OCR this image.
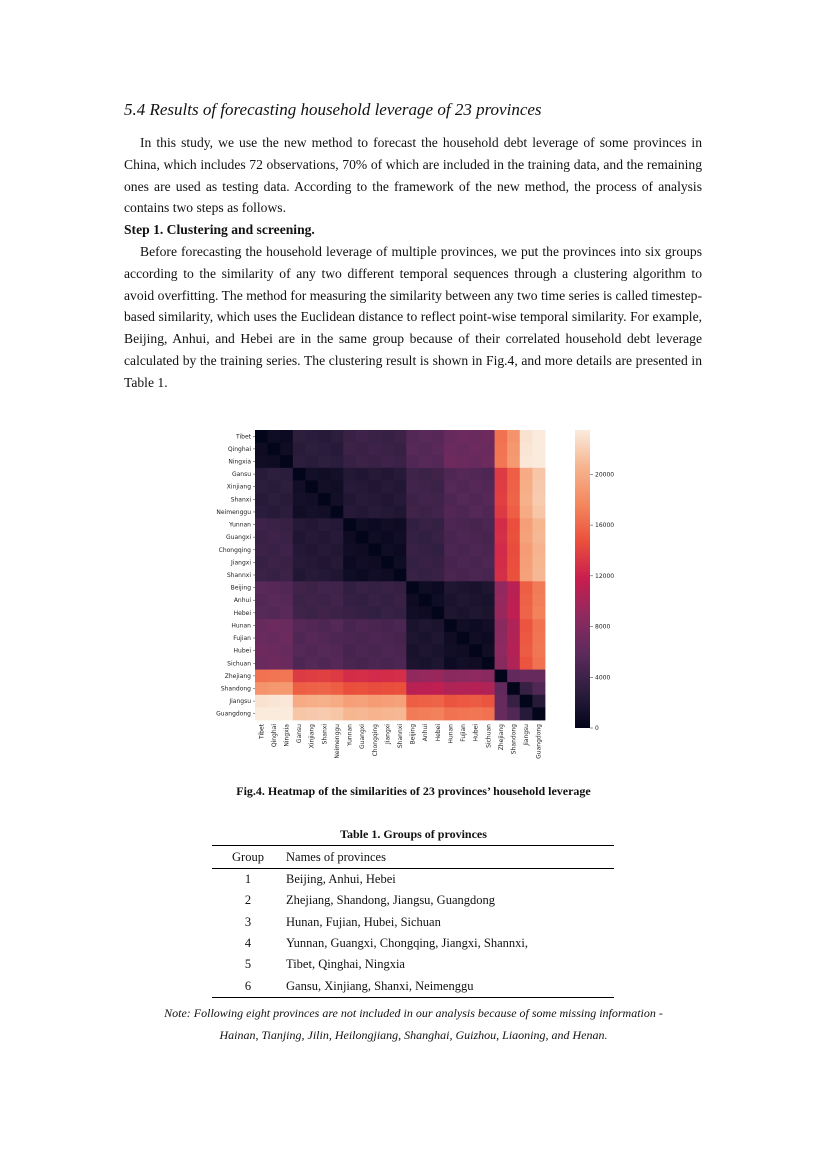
5.4 Results of forecasting household leverage of 23 provinces

In this study, we use the new method to forecast the household debt leverage of some provinces in China, which includes 72 observations, 70% of which are included in the training data, and the remaining ones are used as testing data. According to the framework of the new method, the process of analysis contains two steps as follows.

Step 1. Clustering and screening.

Before forecasting the household leverage of multiple provinces, we put the provinces into six groups according to the similarity of any two different temporal sequences through a clustering algorithm to avoid overfitting. The method for measuring the similarity between any two time series is called timestep-based similarity, which uses the Euclidean distance to reflect point-wise temporal similarity. For example, Beijing, Anhui, and Hebei are in the same group because of their correlated household debt leverage calculated by the training series. The clustering result is shown in Fig.4, and more details are presented in Table 1.

Tibet
Qinghai
Ningxia
Gansu
Xinjiang
Shanxi
Neimenggu
Yunnan
Guangxi
Chongqing
Jiangxi
Shannxi
Beijing
Anhui
Hebei
Hunan
Fujian
Hubei
Sichuan
Zhejiang
Shandong
Jiangsu
Guangdong
Tibet Qinghai Ningxia Gansu Xinjiang Shanxi Neimenggu Yunnan Guangxi Chongqing Jiangxi Shannxi Beijing Anhui Hebei Hunan Fujian Hubei Sichuan Zhejiang Shandong Jiangsu Guangdong	0
4000
8000
12000
16000
20000

Fig.4. Heatmap of the similarities of 23 provinces’ household leverage

Table 1. Groups of provinces

Group	Names of provinces
1	Beijing, Anhui, Hebei
2	Zhejiang, Shandong, Jiangsu, Guangdong
3	Hunan, Fujian, Hubei, Sichuan
4	Yunnan, Guangxi, Chongqing, Jiangxi, Shannxi,
5	Tibet, Qinghai, Ningxia
6	Gansu, Xinjiang, Shanxi, Neimenggu

Note: Following eight provinces are not included in our analysis because of some missing information -
Hainan, Tianjing, Jilin, Heilongjiang, Shanghai, Guizhou, Liaoning, and Henan.
